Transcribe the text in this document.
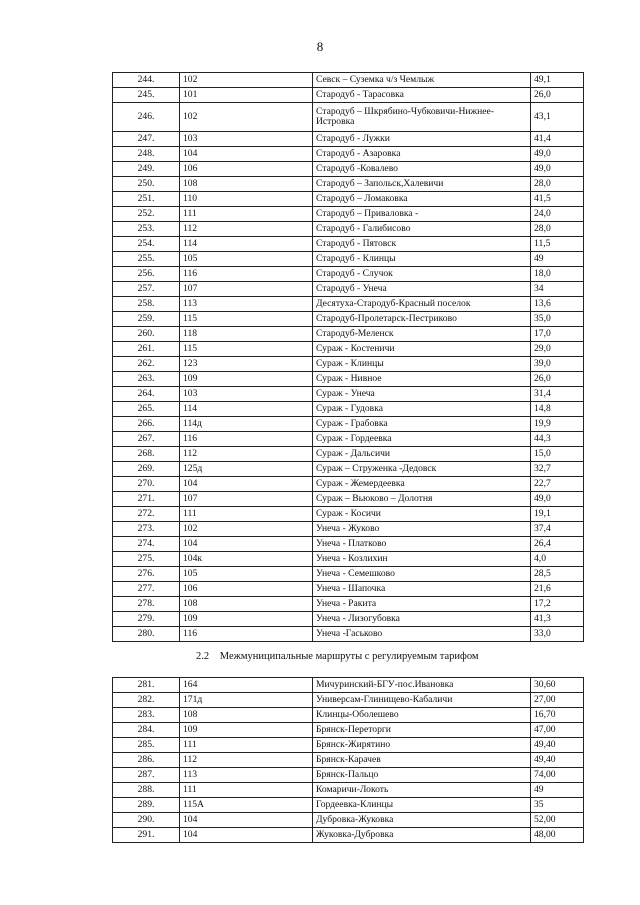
8
244.	102	Севск – Суземка ч/з Чемлыж	49,1
245.	101	Стародуб - Тарасовка	26,0
246.	102	Стародуб – Шкрябино-Чубковичи-Нижнее-Истровка	43,1
247.	103	Стародуб - Лужки	41,4
248.	104	Стародуб - Азаровка	49,0
249.	106	Стародуб -Ковалево	49,0
250.	108	Стародуб – Запольск,Халевичи	28,0
251.	110	Стародуб – Ломаковка	41,5
252.	111	Стародуб – Приваловка -	24,0
253.	112	Стародуб - Галибисово	28,0
254.	114	Стародуб - Пятовск	11,5
255.	105	Стародуб - Клинцы	49
256.	116	Стародуб - Случок	18,0
257.	107	Стародуб - Унеча	34
258.	113	Десятуха-Стародуб-Красный поселок	13,6
259.	115	Стародуб-Пролетарск-Пестриково	35,0
260.	118	Стародуб-Меленск	17,0
261.	115	Сураж - Костеничи	29,0
262.	123	Сураж - Клинцы	39,0
263.	109	Сураж - Нивное	26,0
264.	103	Сураж - Унеча	31,4
265.	114	Сураж - Гудовка	14,8
266.	114д	Сураж - Грабовка	19,9
267.	116	Сураж - Гордеевка	44,3
268.	112	Сураж - Дальсичи	15,0
269.	125д	Сураж – Струженка -Дедовск	32,7
270.	104	Сураж - Жемердеевка	22,7
271.	107	Сураж – Вьюково – Долотня	49,0
272.	111	Сураж - Косичи	19,1
273.	102	Унеча - Жуково	37,4
274.	104	Унеча - Платково	26,4
275.	104к	Унеча - Козлихин	4,0
276.	105	Унеча - Семешково	28,5
277.	106	Унеча - Шапочка	21,6
278.	108	Унеча - Ракита	17,2
279.	109	Унеча - Лизогубовка	41,3
280.	116	Унеча -Гаськово	33,0
2.2 Межмуниципальные маршруты с регулируемым тарифом
281.	164	Мичуринский-БГУ-пос.Ивановка	30,60
282.	171д	Универсам-Глинищево-Кабаличи	27,00
283.	108	Клинцы-Оболешево	16,70
284.	109	Брянск-Переторги	47,00
285.	111	Брянск-Жирятино	49,40
286.	112	Брянск-Карачев	49,40
287.	113	Брянск-Пальцо	74,00
288.	111	Комаричи-Локоть	49
289.	115А	Гордеевка-Клинцы	35
290.	104	Дубровка-Жуковка	52,00
291.	104	Жуковка-Дубровка	48,00
